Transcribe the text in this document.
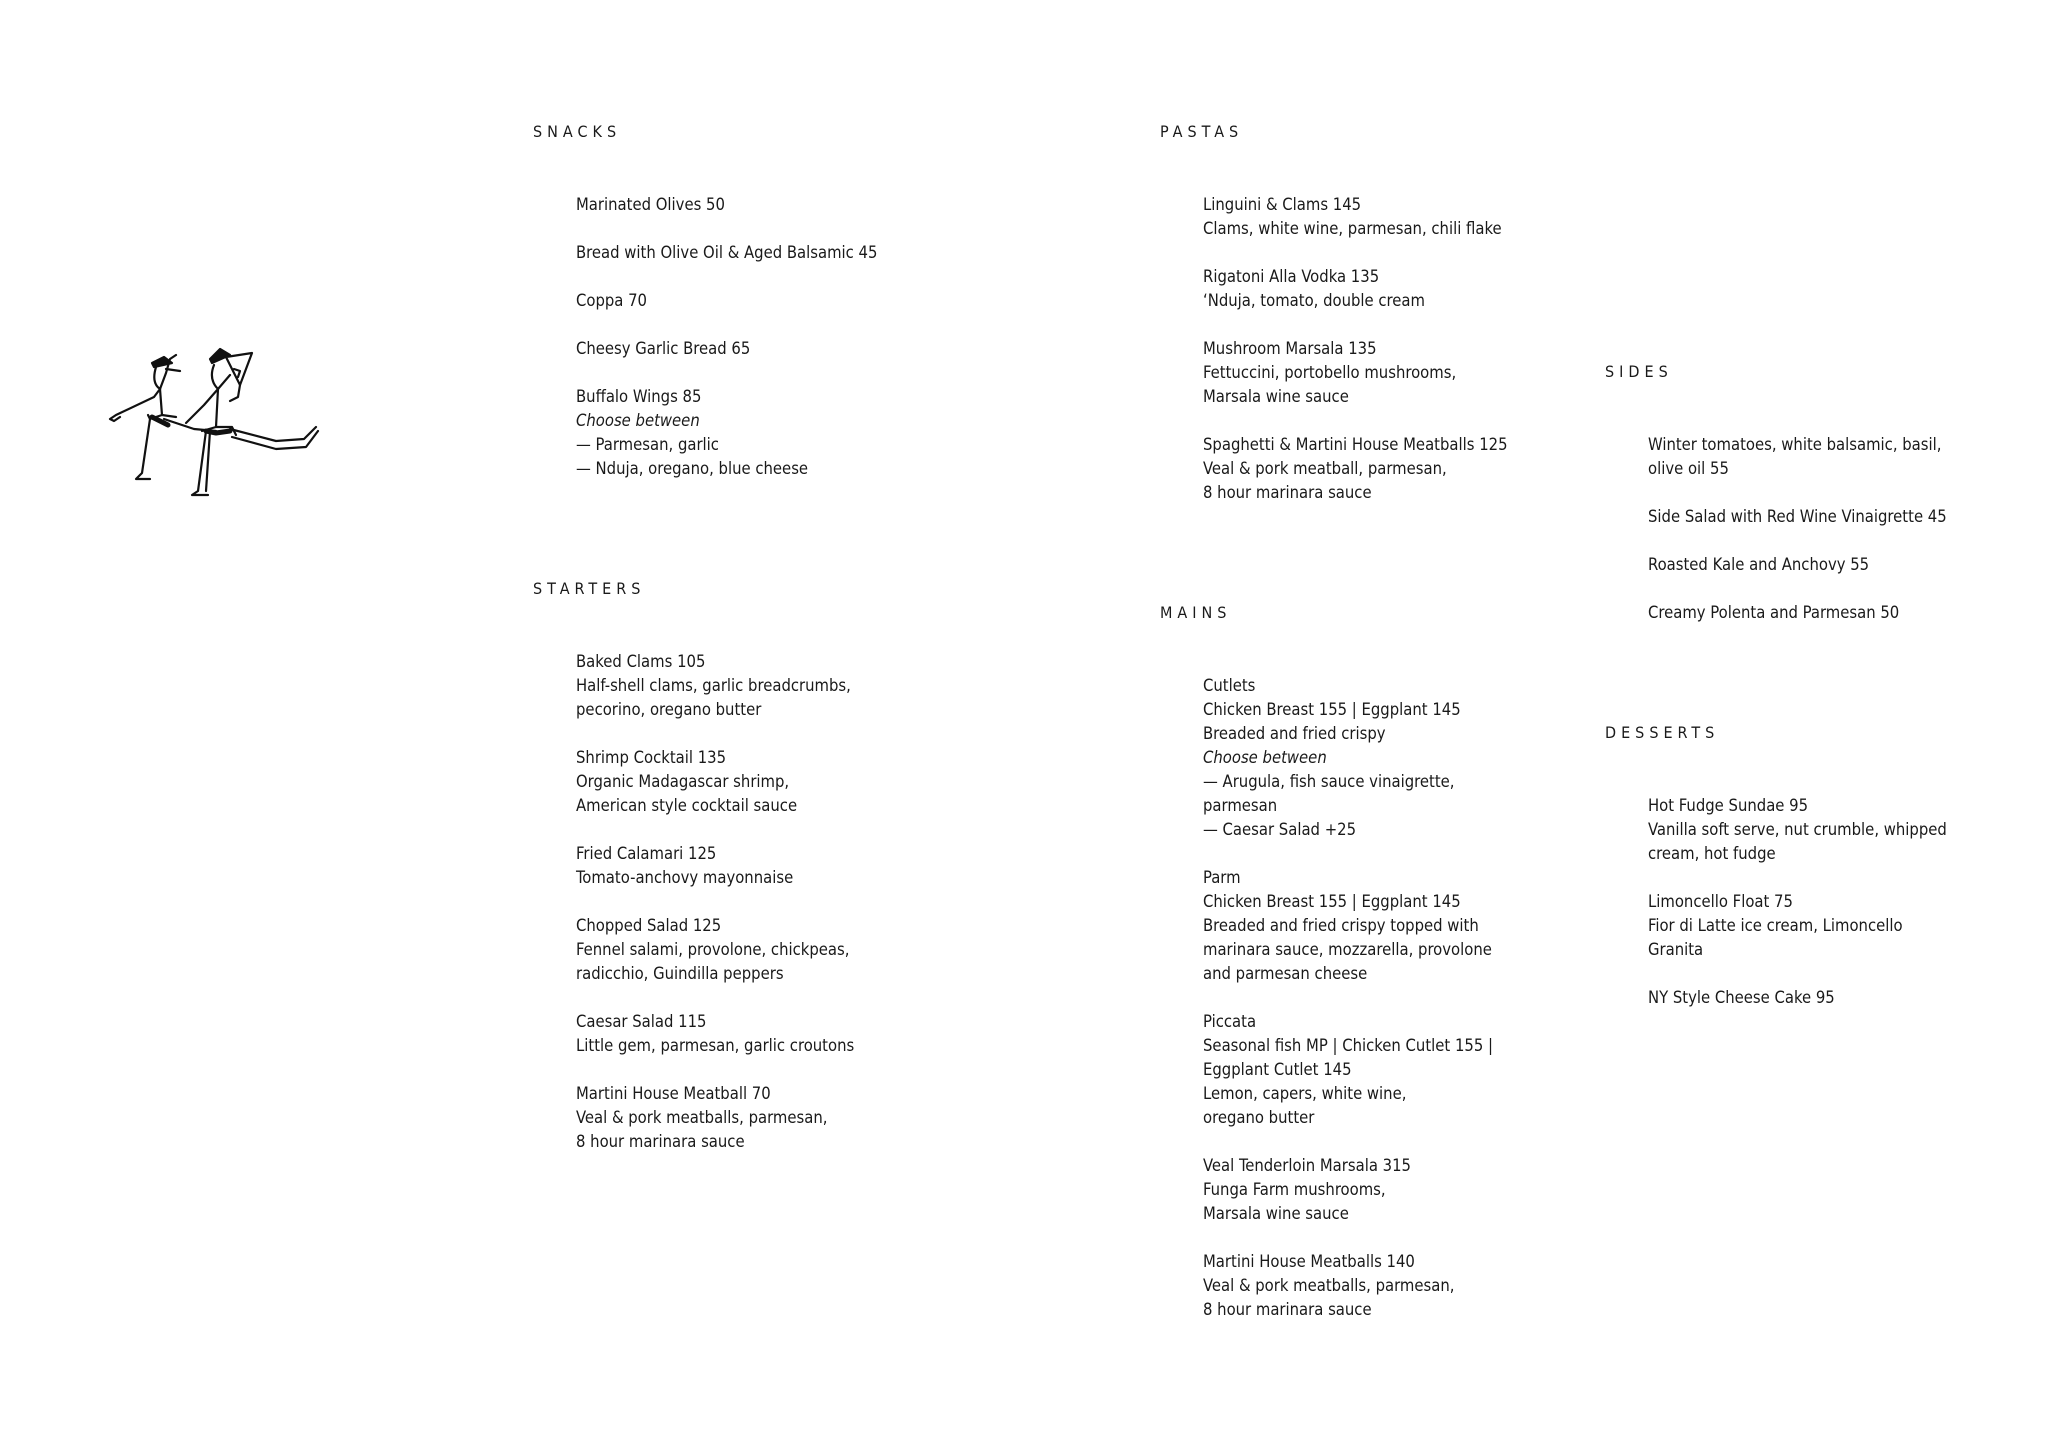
SNACKS
Marinated Olives 50
Bread with Olive Oil & Aged Balsamic 45
Coppa 70
Cheesy Garlic Bread 65
Buffalo Wings 85
Choose between
— Parmesan, garlic
— Nduja, oregano, blue cheese
STARTERS
Baked Clams 105
Half-shell clams, garlic breadcrumbs,
pecorino, oregano butter
Shrimp Cocktail 135
Organic Madagascar shrimp,
American style cocktail sauce
Fried Calamari 125
Tomato-anchovy mayonnaise
Chopped Salad 125
Fennel salami, provolone, chickpeas,
radicchio, Guindilla peppers
Caesar Salad 115
Little gem, parmesan, garlic croutons
Martini House Meatball 70
Veal & pork meatballs, parmesan,
8 hour marinara sauce
PASTAS
Linguini & Clams 145
Clams, white wine, parmesan, chili flake
Rigatoni Alla Vodka 135
‘Nduja, tomato, double cream
Mushroom Marsala 135
Fettuccini, portobello mushrooms,
Marsala wine sauce
Spaghetti & Martini House Meatballs 125
Veal & pork meatball, parmesan,
8 hour marinara sauce
MAINS
Cutlets
Chicken Breast 155 | Eggplant 145
Breaded and fried crispy
Choose between
— Arugula, fish sauce vinaigrette,
parmesan
— Caesar Salad +25
Parm
Chicken Breast 155 | Eggplant 145
Breaded and fried crispy topped with
marinara sauce, mozzarella, provolone
and parmesan cheese
Piccata
Seasonal fish MP | Chicken Cutlet 155 |
Eggplant Cutlet 145
Lemon, capers, white wine,
oregano butter
Veal Tenderloin Marsala 315
Funga Farm mushrooms,
Marsala wine sauce
Martini House Meatballs 140
Veal & pork meatballs, parmesan,
8 hour marinara sauce
SIDES
Winter tomatoes, white balsamic, basil,
olive oil 55
Side Salad with Red Wine Vinaigrette 45
Roasted Kale and Anchovy 55
Creamy Polenta and Parmesan 50
DESSERTS
Hot Fudge Sundae 95
Vanilla soft serve, nut crumble, whipped
cream, hot fudge
Limoncello Float 75
Fior di Latte ice cream, Limoncello
Granita
NY Style Cheese Cake 95
